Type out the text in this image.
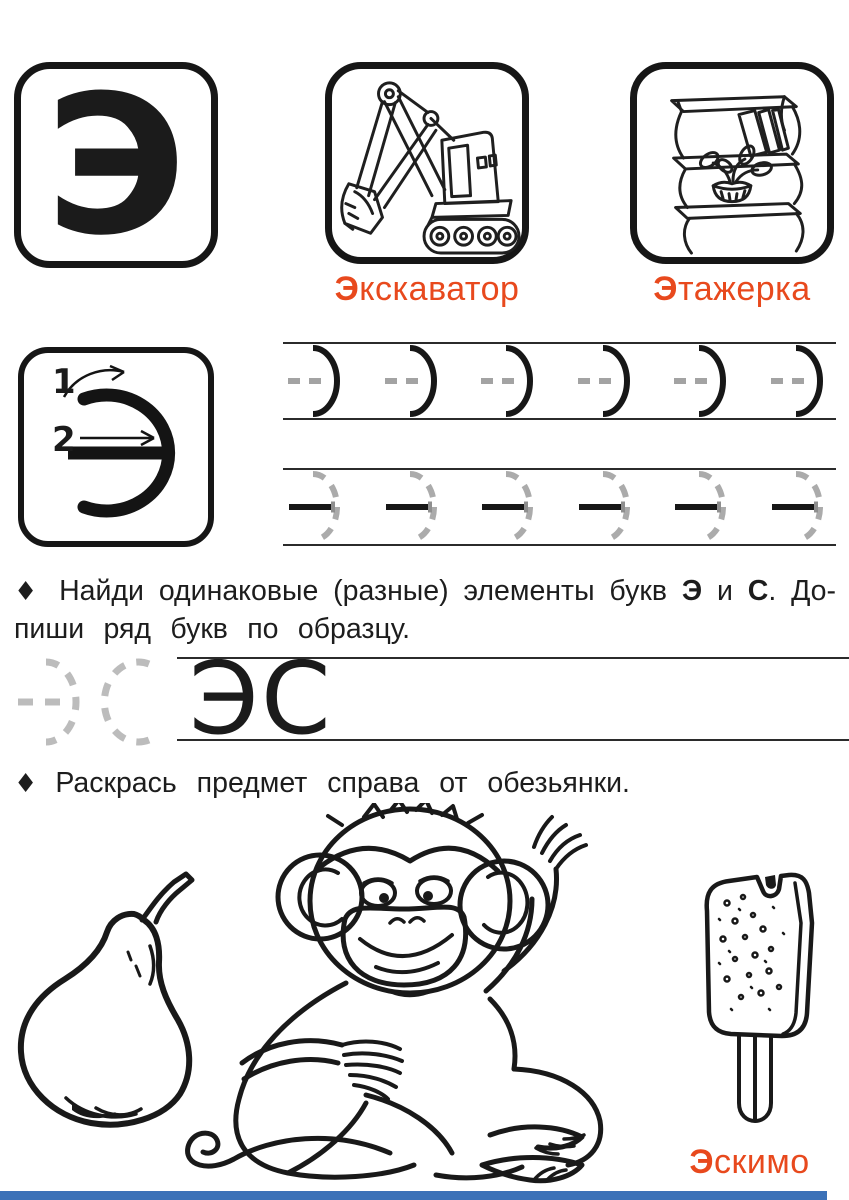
Э
Экскаватор	Этажерка
1
2
♦ Найди одинаковые (разные) элементы букв Э и С. До-
пиши ряд букв по образцу.
ЭС
♦ Раскрась предмет справа от обезьянки.
Эскимо
